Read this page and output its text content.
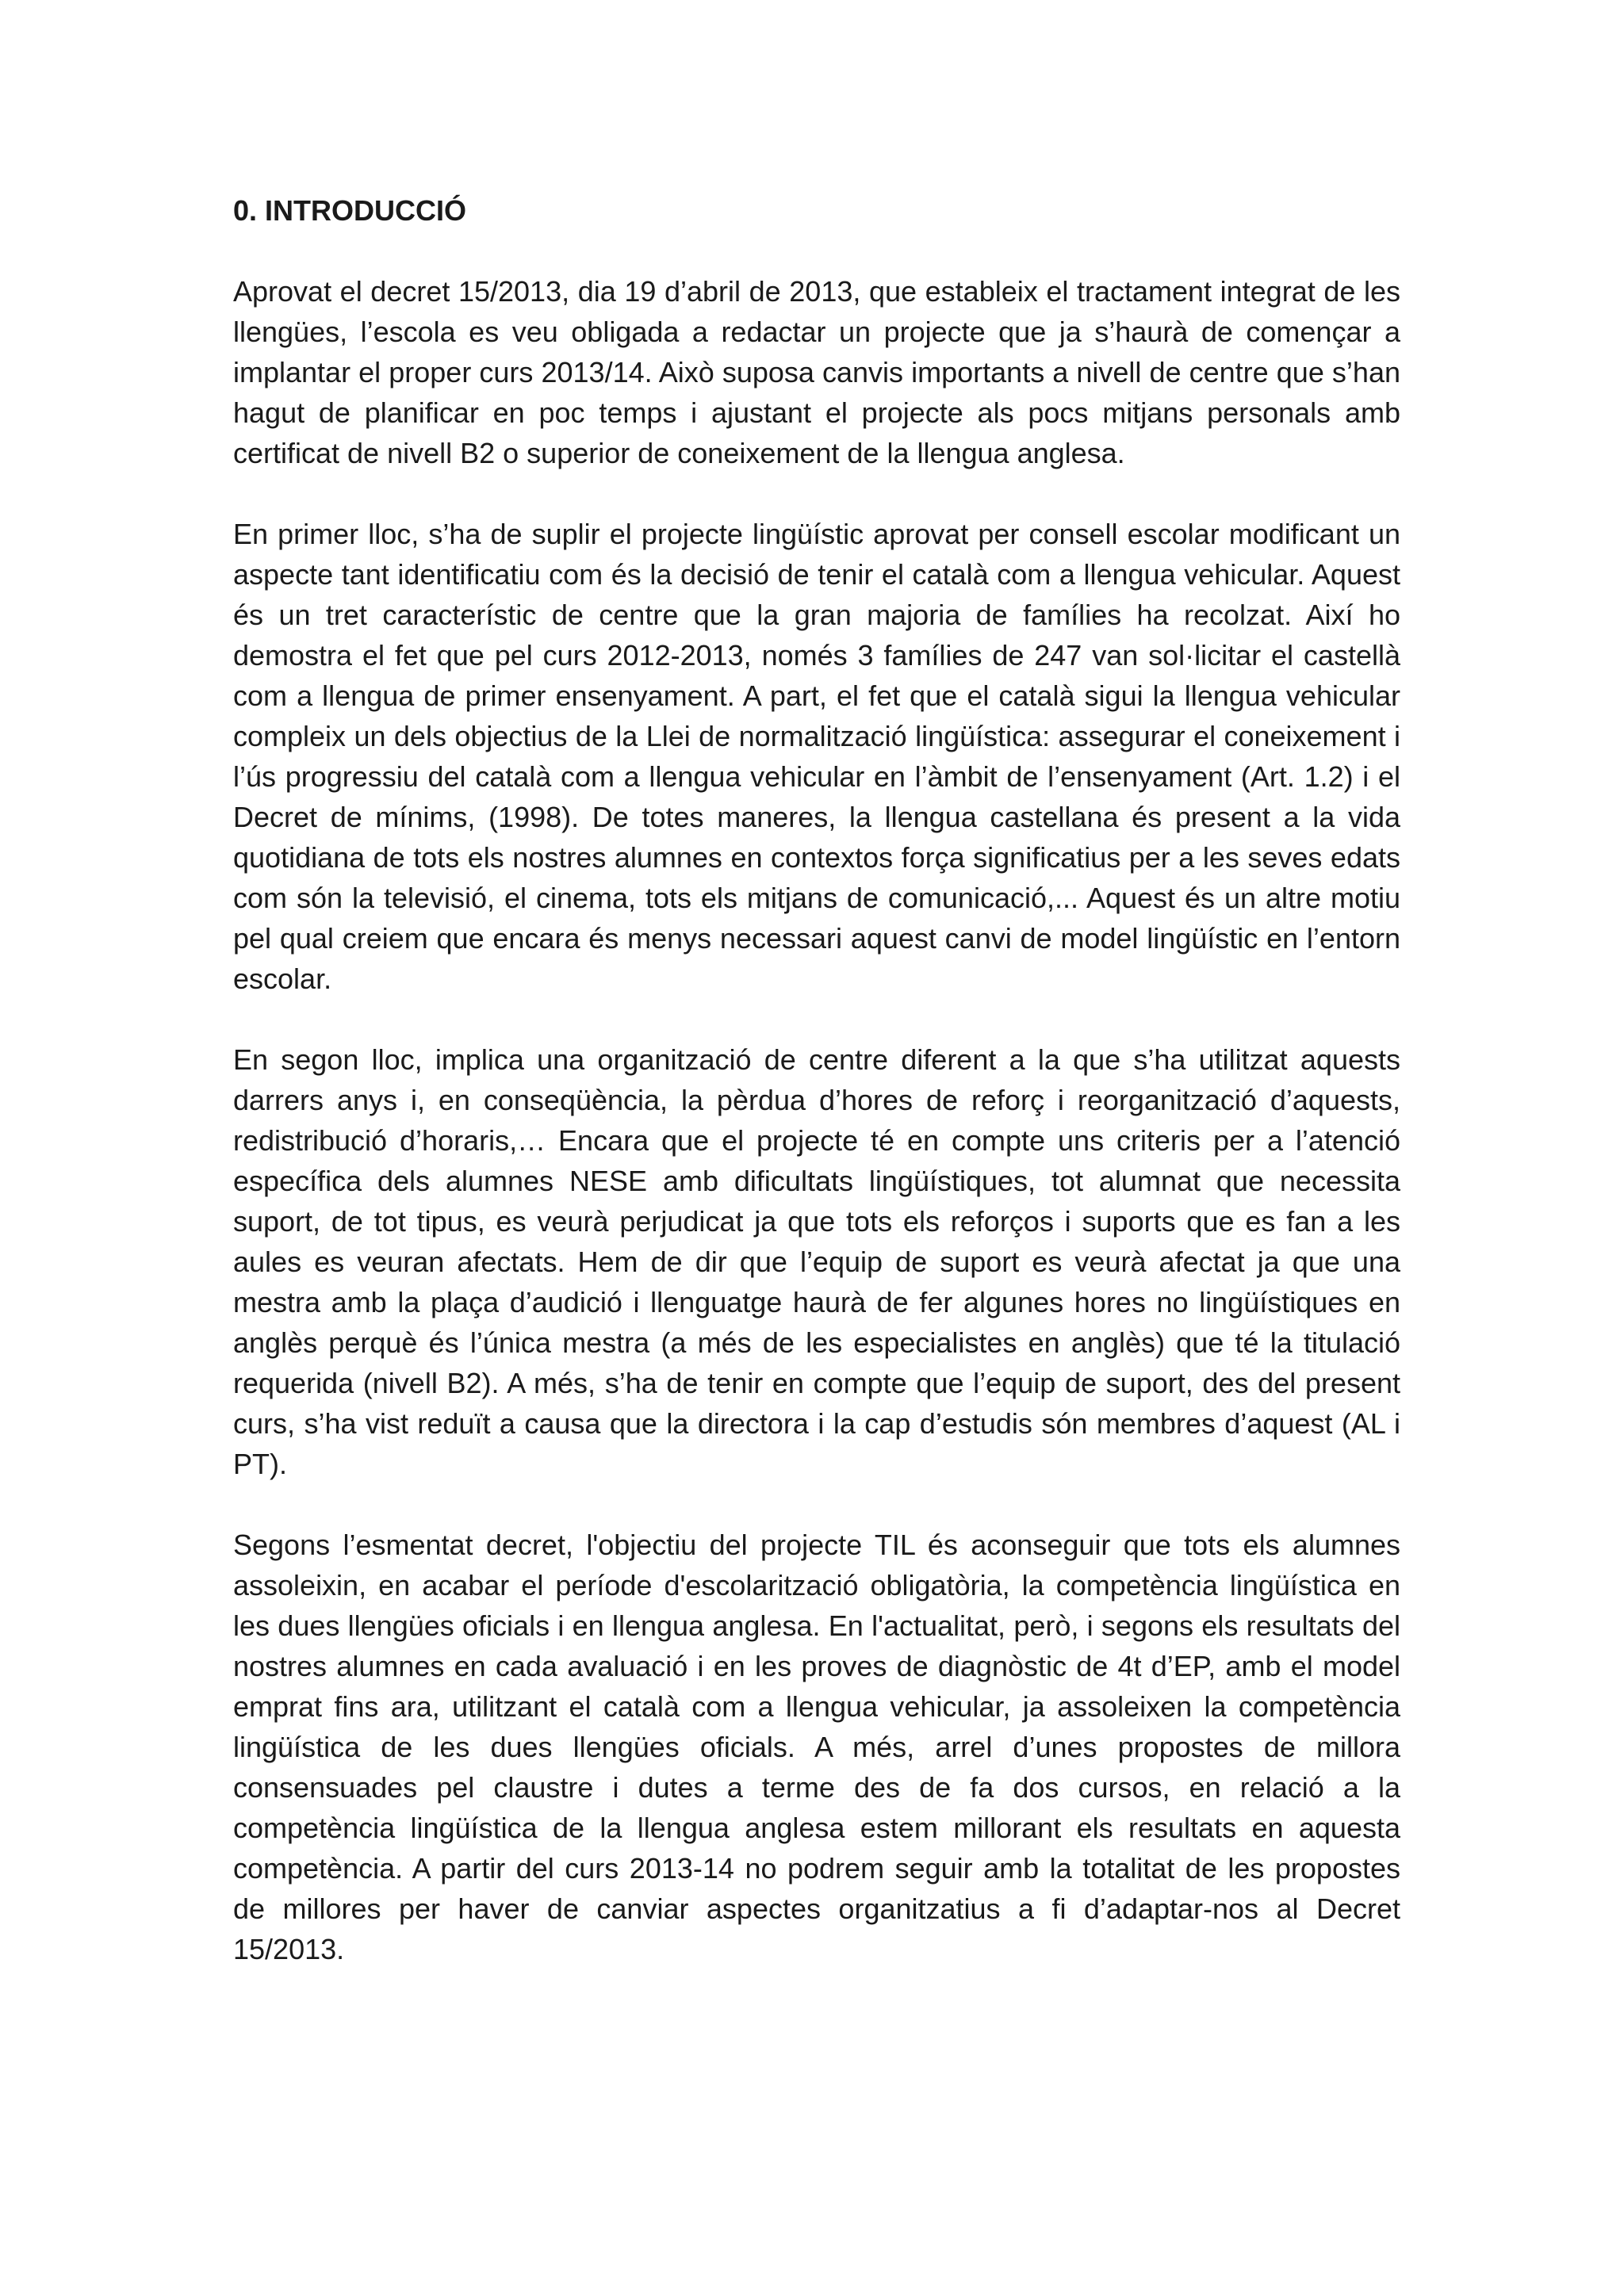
0. INTRODUCCIÓ

Aprovat el decret 15/2013, dia 19 d’abril de 2013, que estableix el tractament integrat de les llengües, l’escola es veu obligada a redactar un projecte que ja s’haurà de començar a implantar el proper curs 2013/14. Això suposa canvis importants a nivell de centre que s’han hagut de planificar en poc temps i ajustant el projecte als pocs mitjans personals amb certificat de nivell B2 o superior de coneixement de la llengua anglesa.

En primer lloc, s’ha de suplir el projecte lingüístic aprovat per consell escolar modificant un aspecte tant identificatiu com és la decisió de tenir el català com a llengua vehicular. Aquest és un tret característic de centre que la gran majoria de famílies ha recolzat. Així ho demostra el fet que pel curs 2012-2013, només 3 famílies de 247 van sol·licitar el castellà com a llengua de primer ensenyament. A part, el fet que el català sigui la llengua vehicular compleix un dels objectius de la Llei de normalització lingüística: assegurar el coneixement i l’ús progressiu del català com a llengua vehicular en l’àmbit de l’ensenyament (Art. 1.2) i el Decret de mínims, (1998). De totes maneres, la llengua castellana és present a la vida quotidiana de tots els nostres alumnes en contextos força significatius per a les seves edats com són la televisió, el cinema, tots els mitjans de comunicació,... Aquest és un altre motiu pel qual creiem que encara és menys necessari aquest canvi de model lingüístic en l’entorn escolar.

En segon lloc, implica una organització de centre diferent a la que s’ha utilitzat aquests darrers anys i, en conseqüència, la pèrdua d’hores de reforç i reorganització d’aquests, redistribució d’horaris,… Encara que el projecte té en compte uns criteris per a l’atenció específica dels alumnes NESE amb dificultats lingüístiques, tot alumnat que necessita suport, de tot tipus, es veurà perjudicat ja que tots els reforços i suports que es fan a les aules es veuran afectats. Hem de dir que l’equip de suport es veurà afectat ja que una mestra amb la plaça d’audició i llenguatge haurà de fer algunes hores no lingüístiques en anglès perquè és l’única mestra (a més de les especialistes en anglès) que té la titulació requerida (nivell B2). A més, s’ha de tenir en compte que l’equip de suport, des del present curs, s’ha vist reduït a causa que la directora i la cap d’estudis són membres d’aquest (AL i PT).

Segons l’esmentat decret, l'objectiu del projecte TIL és aconseguir que tots els alumnes assoleixin, en acabar el període d'escolarització obligatòria, la competència lingüística en les dues llengües oficials i en llengua anglesa. En l'actualitat, però, i segons els resultats del nostres alumnes en cada avaluació i en les proves de diagnòstic de 4t d’EP, amb el model emprat fins ara, utilitzant el català com a llengua vehicular, ja assoleixen la competència lingüística de les dues llengües oficials. A més, arrel d’unes propostes de millora consensuades pel claustre i dutes a terme des de fa dos cursos, en relació a la competència lingüística de la llengua anglesa estem millorant els resultats en aquesta competència. A partir del curs 2013-14 no podrem seguir amb la totalitat de les propostes de millores per haver de canviar aspectes organitzatius a fi d’adaptar-nos al Decret 15/2013.
